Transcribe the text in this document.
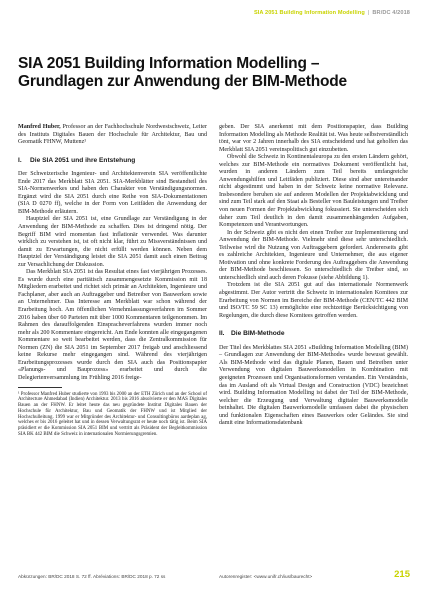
SIA 2051 Building Information Modelling | BR/DC 4/2018
SIA 2051 Building Information Modelling –
Grundlagen zur Anwendung der BIM-Methode

Manfred Huber, Professor an der Fachhochschule Nordwestschweiz, Leiter des Instituts Digitales Bauen der Hochschule für Architektur, Bau und Geomatik FHNW, Muttenz¹

I. Die SIA 2051 und ihre Entstehung

Der Schweizerische Ingenieur- und Architektenverein SIA veröffentlichte Ende 2017 das Merkblatt SIA 2051. SIA-Merkblätter sind Bestandteil des SIA-Normenwerkes und haben den Charakter von Verständigungsnormen. Ergänzt wird die SIA 2051 durch eine Reihe von SIA-Dokumentationen (SIA D 0270 ff), welche in der Form von Leitfäden die Anwendung der BIM-Methode erläutern.

Hauptziel der SIA 2051 ist, eine Grundlage zur Verständigung in der Anwendung der BIM-Methode zu schaffen. Dies ist dringend nötig. Der Begriff BIM wird momentan fast inflationär verwendet. Was darunter wirklich zu verstehen ist, ist oft nicht klar, führt zu Missverständnissen und damit zu Erwartungen, die nicht erfüllt werden können. Neben dem Hauptziel der Verständigung leistet die SIA 2051 damit auch einen Beitrag zur Versachlichung der Diskussion.

Das Merkblatt SIA 2051 ist das Resultat eines fast vierjährigen Prozesses. Es wurde durch eine paritätisch zusammengesetzte Kommission mit 18 Mitgliedern erarbeitet und richtet sich primär an Architekten, Ingenieure und Fachplaner, aber auch an Auftraggeber und Betreiber von Bauwerken sowie an Unternehmer. Das Interesse am Merkblatt war schon während der Erarbeitung hoch. Am öffentlichen Vernehmlassungsverfahren im Sommer 2016 haben über 60 Parteien mit über 1000 Kommentaren teilgenommen. Im Rahmen des darauffolgenden Einspracheverfahrens wurden immer noch mehr als 200 Kommentare eingereicht. Am Ende konnten alle eingegangenen Kommentare so weit bearbeitet werden, dass die Zentralkommission für Normen (ZN) die SIA 2051 im September 2017 freigab und anschliessend keine Rekurse mehr eingegangen sind. Während des vierjährigen Erarbeitungsprozesses wurde durch den SIA auch das Positionspapier «Planungs- und Bauprozess» erarbeitet und durch die Delegiertenversammlung im Frühling 2016 freige-

¹ Professor Manfred Huber studierte von 1993 bis 2000 an der ETH Zürich und an der School of Architecture Ahmedabad (Indien) Architektur. 2013 bis 2016 absolvierte er den MAS Digitales Bauen an der FHNW. Er leitet heute das neu gegründete Institut Digitales Bauen der Hochschule für Architektur, Bau und Geomatik der FHNW und ist Mitglied der Hochschulleitung. 1999 war er Mitgründer des Architektur- und Consultingbüros aardeplan ag, welches er bis 2016 geleitet hat und in dessen Verwaltungsrat er heute noch tätig ist. Beim SIA präsidiert er die Kommission SIA 2051 BIM und vertritt als Präsident der Begleitkommission SIA BK 442 BIM die Schweiz in internationalen Normierungsgremien.

geben. Der SIA anerkennt mit dem Positionspapier, dass Building Information Modelling als Methode Realität ist. Was heute selbstverständlich tönt, war vor 2 Jahren innerhalb des SIA entscheidend und hat geholfen das Merkblatt SIA 2051 vereinspolitisch gut einzubetten.

Obwohl die Schweiz in Kontinentaleuropa zu den ersten Ländern gehört, welches zur BIM-Methode ein normatives Dokument veröffentlicht hat, wurden in anderen Ländern zum Teil bereits umfangreiche Anwendungshilfen und Leitfäden publiziert. Diese sind aber untereinander nicht abgestimmt und haben in der Schweiz keine normative Relevanz. Insbesondere beruhen sie auf anderen Modellen der Projektabwicklung und sind zum Teil stark auf den Staat als Besteller von Bauleistungen und Treiber von neuen Formen der Projektabwicklung fokussiert. Sie unterscheiden sich daher zum Teil deutlich in den damit zusammenhängenden Aufgaben, Kompetenzen und Verantwortungen.

In der Schweiz gibt es nicht den einen Treiber zur Implementierung und Anwendung der BIM-Methode. Vielmehr sind diese sehr unterschiedlich. Teilweise wird die Nutzung von Auftraggebern gefordert. Andererseits gibt es zahlreiche Architekten, Ingenieure und Unternehmer, die aus eigener Motivation und ohne konkrete Forderung des Auftraggebers die Anwendung der BIM-Methode beschliessen. So unterschiedlich die Treiber sind, so unterschiedlich sind auch deren Fokusse (siehe Abbildung 1).

Trotzdem ist die SIA 2051 gut auf das internationale Normenwerk abgestimmt. Der Autor vertritt die Schweiz in internationalen Komitees zur Erarbeitung von Normen im Bereiche der BIM-Methode (CEN/TC 442 BIM und ISO/TC 59 SC 13) ermöglichte eine rechtzeitige Berücksichtigung von Regelungen, die durch diese Komitees getroffen werden.

II. Die BIM-Methode

Der Titel des Merkblattes SIA 2051 «Building Information Modelling (BIM) – Grundlagen zur Anwendung der BIM-Methode» wurde bewusst gewählt. Als BIM-Methode wird das digitale Planen, Bauen und Betreiben unter Verwendung von digitalen Bauwerksmodellen in Kombination mit geeigneten Prozessen und Organisationsformen verstanden. Ein Verständnis, das im Ausland oft als Virtual Design and Construction (VDC) bezeichnet wird. Building Information Modelling ist dabei der Teil der BIM-Methode, welcher die Erzeugung und Verwaltung digitaler Bauwerksmodelle beinhaltet. Die digitalen Bauwerksmodelle umfassen dabei die physischen und funktionalen Eigenschaften eines Bauwerkes oder Geländes. Sie sind damit eine Informationsdatenbank

Abkürzungen: BR/DC 2018 S. 72 ff. Abréviations: BR/DC 2018 p. 72 ss	Autorenregister: <www.unifr.ch/ius/baurecht>	215
